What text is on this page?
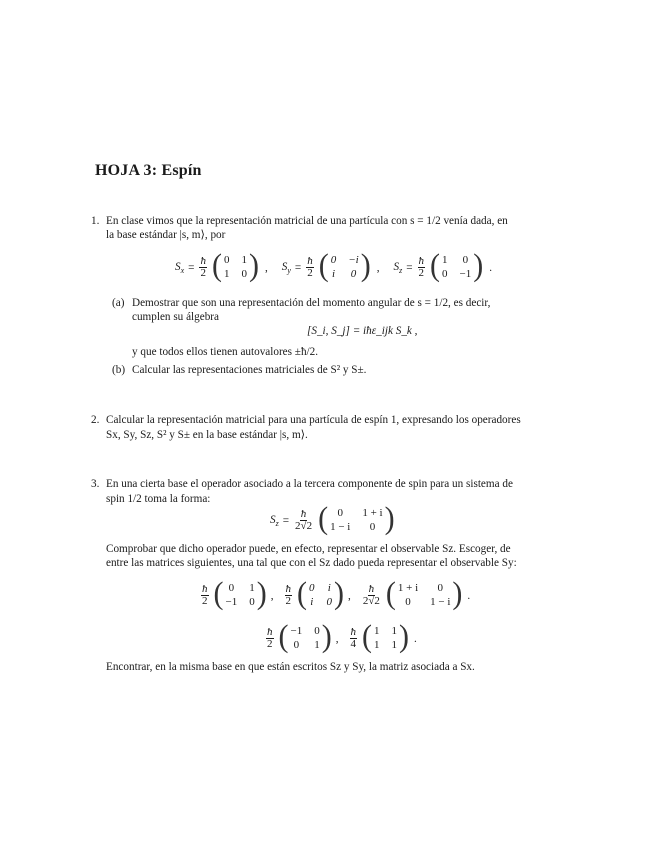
HOJA 3: Espín
1. En clase vimos que la representación matricial de una partícula con s = 1/2 venía dada, en
la base estándar |s, m⟩, por
$S_x = \frac{ħ}{2}$ ( 0 1
1 0 ) , $S_y = \frac{ħ}{2}$ ( 0 −i
i 0 ) , $S_z = \frac{ħ}{2}$ ( 1 0
0 −1 ) .
(a) Demostrar que son una representación del momento angular de s = 1/2, es decir,
cumplen su álgebra
[S_i, S_j] = iħε_ijk S_k ,
y que todos ellos tienen autovalores ±ħ/2.
(b) Calcular las representaciones matriciales de S² y S±.
2. Calcular la representación matricial para una partícula de espín 1, expresando los operadores
Sx, Sy, Sz, S² y S± en la base estándar |s, m⟩.
3. En una cierta base el operador asociado a la tercera componente de spin para un sistema de
spin 1/2 toma la forma:
$S_z = \frac{ħ}{2√2}$ ( 0	1 + i
1 − i	0 )
Comprobar que dicho operador puede, en efecto, representar el observable Sz. Escoger, de
entre las matrices siguientes, una tal que con el Sz dado pueda representar el observable Sy:
$\frac{ħ}{2}$ ( 0 1
−1 0 ) , $\frac{ħ}{2}$ ( 0 i
i 0 ) , $\frac{ħ}{2√2}$ ( 1 + i	0
0	1 − i ) .
$\frac{ħ}{2}$ ( −1 0
0 1 ) , $\frac{ħ}{4}$ ( 1 1
1 1 ) .
Encontrar, en la misma base en que están escritos Sz y Sy, la matriz asociada a Sx.
